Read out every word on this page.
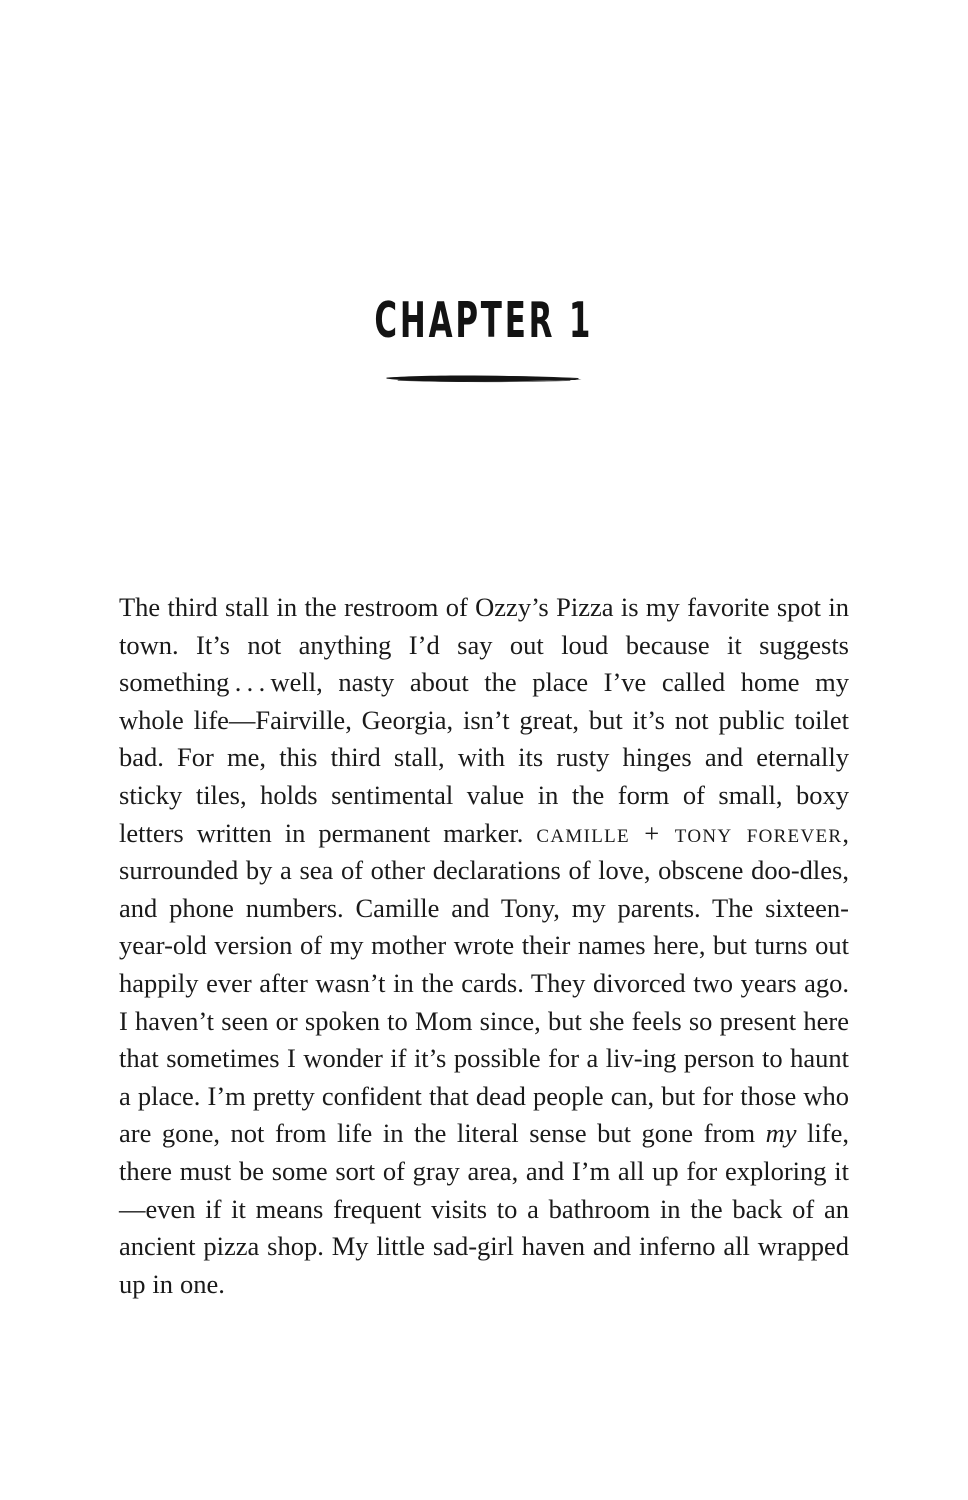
CHAPTER 1

The third stall in the restroom of Ozzy’s Pizza is my favorite spot in town. It’s not anything I’d say out loud because it suggests something . . . well, nasty about the place I’ve called home my whole life—Fairville, Georgia, isn’t great, but it’s not public toilet bad. For me, this third stall, with its rusty hinges and eternally sticky tiles, holds sentimental value in the form of small, boxy letters written in permanent marker. camille + tony forever, surrounded by a sea of other declarations of love, obscene doo-dles, and phone numbers. Camille and Tony, my parents. The sixteen-year-old version of my mother wrote their names here, but turns out happily ever after wasn’t in the cards. They divorced two years ago. I haven’t seen or spoken to Mom since, but she feels so present here that sometimes I wonder if it’s possible for a liv-ing person to haunt a place. I’m pretty confident that dead people can, but for those who are gone, not from life in the literal sense but gone from my life, there must be some sort of gray area, and I’m all up for exploring it—even if it means frequent visits to a bathroom in the back of an ancient pizza shop. My little sad-girl haven and inferno all wrapped up in one.
